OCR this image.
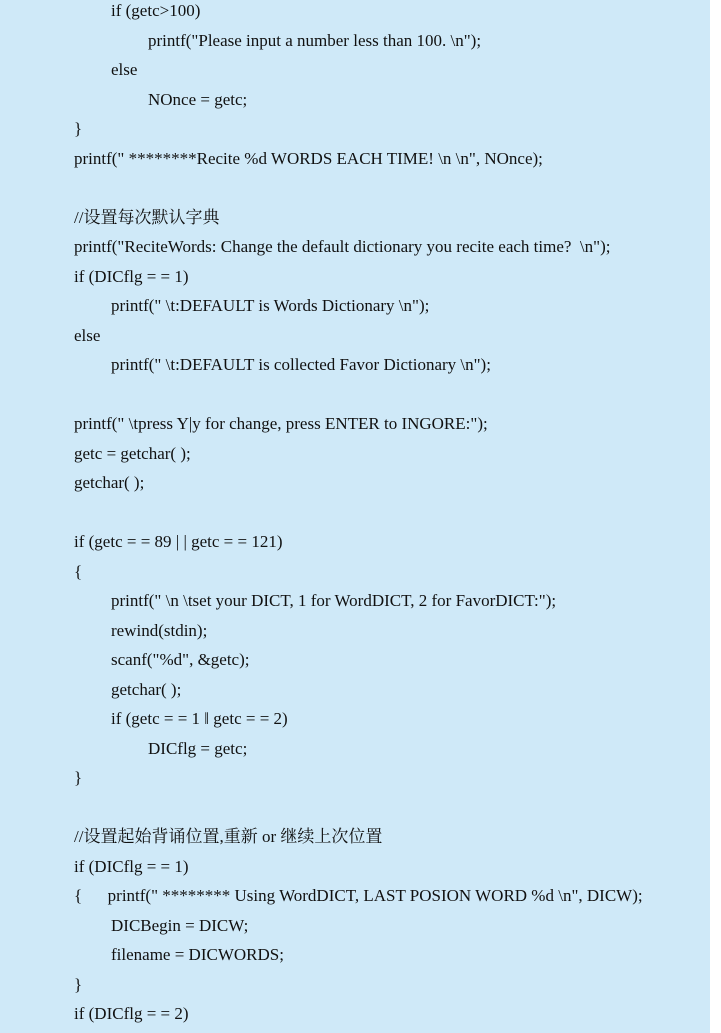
if (getc>100)
printf("Please input a number less than 100. \n");
else
NOnce = getc;
}
printf(" ********Recite %d WORDS EACH TIME! \n \n", NOnce);
//设置每次默认字典
printf("ReciteWords: Change the default dictionary you recite each time?  \n");
if (DICflg = = 1)
printf(" \t:DEFAULT is Words Dictionary \n");
else
printf(" \t:DEFAULT is collected Favor Dictionary \n");
printf(" \tpress Y|y for change, press ENTER to INGORE:");
getc = getchar( );
getchar( );
if (getc = = 89 | | getc = = 121)
{
printf(" \n \tset your DICT, 1 for WordDICT, 2 for FavorDICT:");
rewind(stdin);
scanf("%d", &getc);
getchar( );
if (getc = = 1 ‖ getc = = 2)
DICflg = getc;
}
//设置起始背诵位置,重新 or 继续上次位置
if (DICflg = = 1)
{      printf(" ******** Using WordDICT, LAST POSION WORD %d \n", DICW);
DICBegin = DICW;
filename = DICWORDS;
}
if (DICflg = = 2)
